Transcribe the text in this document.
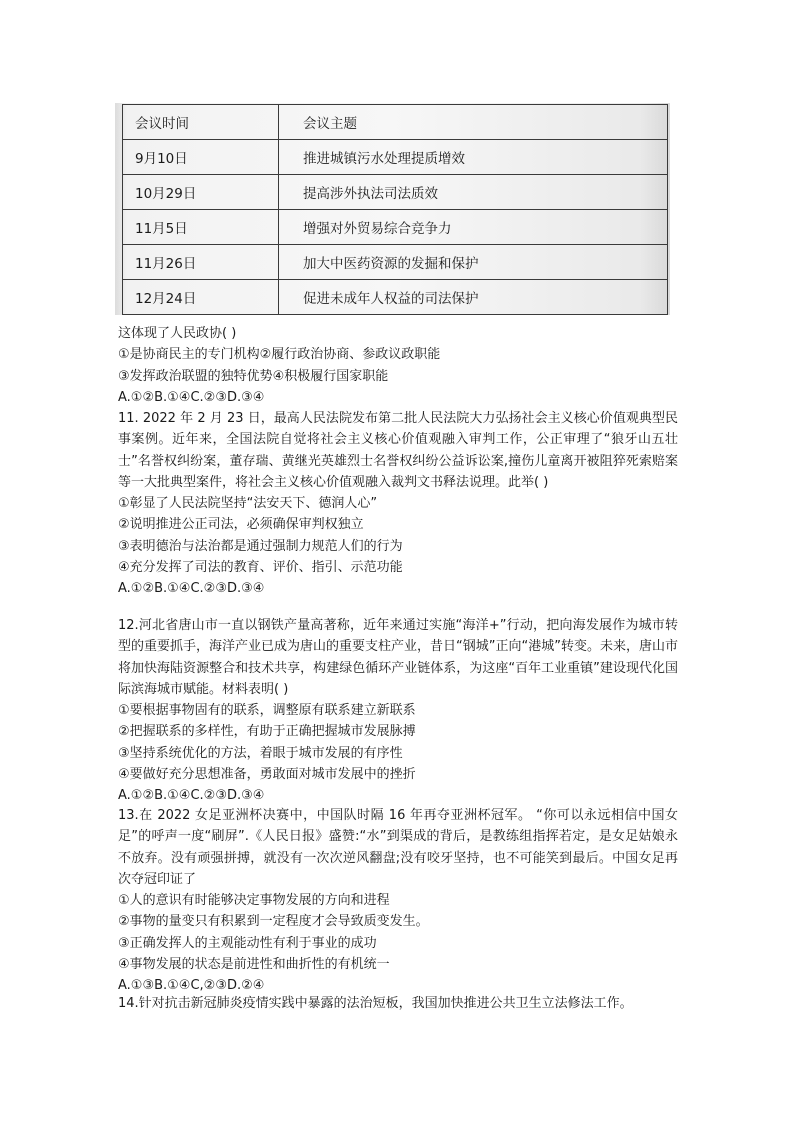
会议时间	会议主题
9月10日	推进城镇污水处理提质增效
10月29日	提高涉外执法司法质效
11月5日	增强对外贸易综合竞争力
11月26日	加大中医药资源的发掘和保护
12月24日	促进未成年人权益的司法保护
这体现了人民政协( )
①是协商民主的专门机构②履行政治协商、参政议政职能
③发挥政治联盟的独特优势④积极履行国家职能
A.①②B.①④C.②③D.③④
11. 2022 年 2 月 23 日，最高人民法院发布第二批人民法院大力弘扬社会主义核心价值观典型民事案例。近年来，全国法院自觉将社会主义核心价值观融入审判工作，公正审理了“狼牙山五壮士”名誉权纠纷案，董存瑞、黄继光英雄烈士名誉权纠纷公益诉讼案,撞伤儿童离开被阻猝死索赔案等一大批典型案件，将社会主义核心价值观融入裁判文书释法说理。此举( )
①彰显了人民法院坚持“法安天下、德润人心”
②说明推进公正司法，必须确保审判权独立
③表明德治与法治都是通过强制力规范人们的行为
④充分发挥了司法的教育、评价、指引、示范功能
A.①②B.①④C.②③D.③④
12.河北省唐山市一直以钢铁产量高著称，近年来通过实施“海洋+”行动，把向海发展作为城市转型的重要抓手，海洋产业已成为唐山的重要支柱产业，昔日“钢城”正向“港城”转变。未来，唐山市将加快海陆资源整合和技术共享，构建绿色循环产业链体系，为这座“百年工业重镇”建设现代化国际滨海城市赋能。材料表明( )
①要根据事物固有的联系，调整原有联系建立新联系
②把握联系的多样性，有助于正确把握城市发展脉搏
③坚持系统优化的方法，着眼于城市发展的有序性
④要做好充分思想准备，勇敢面对城市发展中的挫折
A.①②B.①④C.②③D.③④
13.在 2022 女足亚洲杯决赛中，中国队时隔 16 年再夺亚洲杯冠军。 “你可以永远相信中国女足”的呼声一度“刷屏”.《人民日报》盛赞:“水”到渠成的背后，是教练组指挥若定，是女足姑娘永不放弃。没有顽强拼搏，就没有一次次逆风翻盘;没有咬牙坚持，也不可能笑到最后。中国女足再次夺冠印证了
①人的意识有时能够决定事物发展的方向和进程
②事物的量变只有积累到一定程度才会导致质变发生。
③正确发挥人的主观能动性有利于事业的成功
④事物发展的状态是前进性和曲折性的有机统一
A.①③B.①④C,②③D.②④
14.针对抗击新冠肺炎疫情实践中暴露的法治短板，我国加快推进公共卫生立法修法工作。
